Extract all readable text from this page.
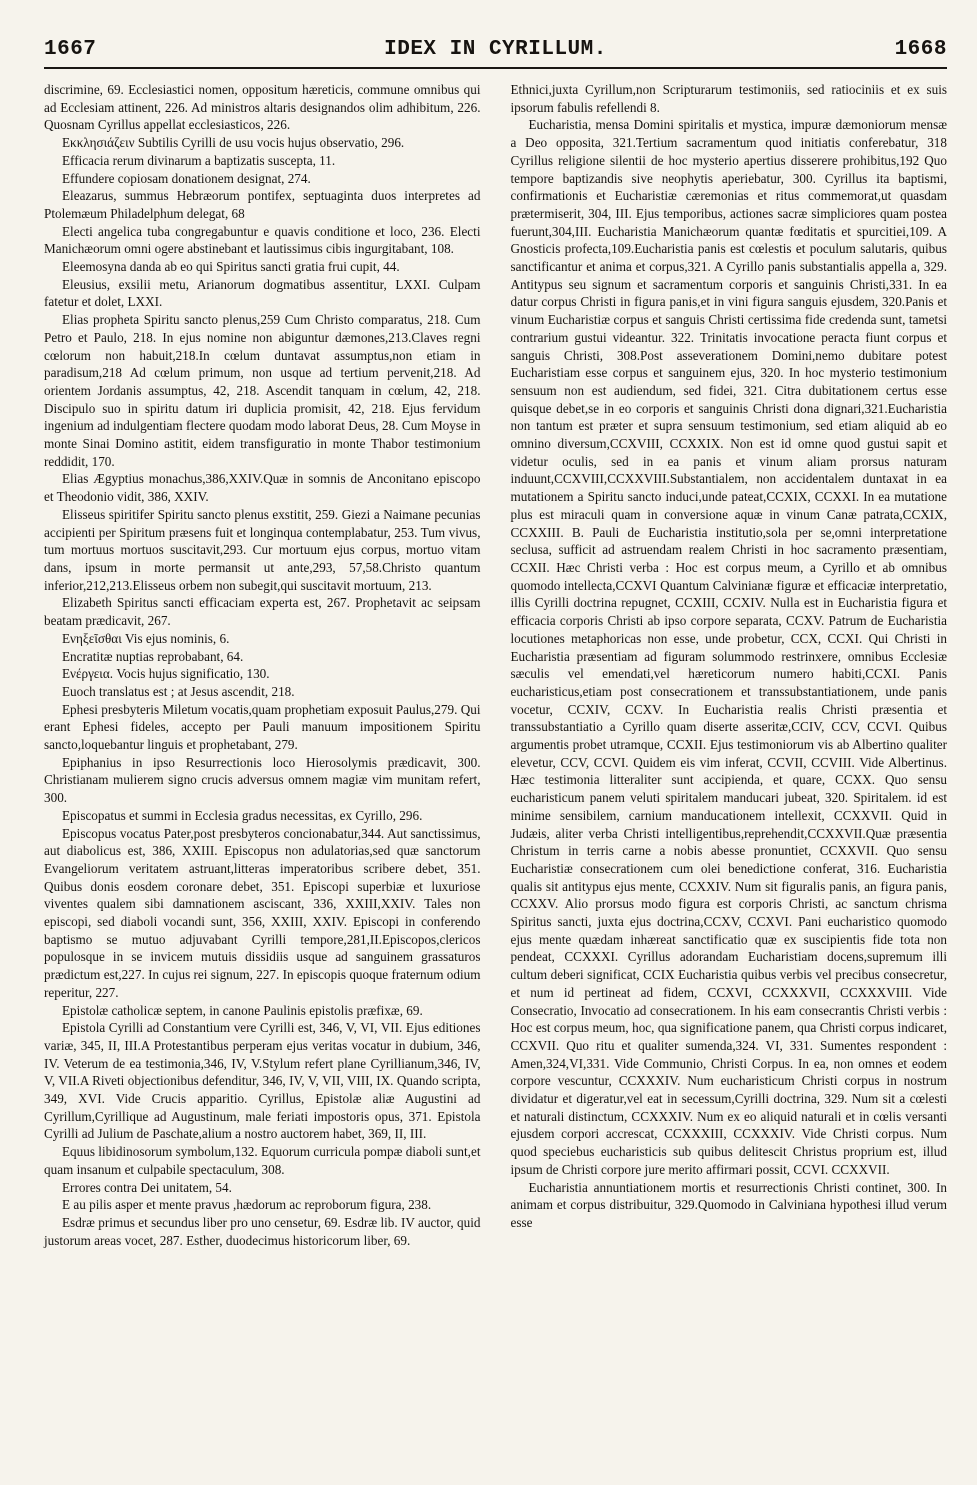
1667	IDEX IN CYRILLUM.	1668

discrimine, 69. Ecclesiastici nomen, oppositum hæreticis, commune omnibus qui ad Ecclesiam attinent, 226. Ad ministros altaris designandos olim adhibitum, 226. Quosnam Cyrillus appellat ecclesiasticos, 226.

Εκκλησιάζειν Subtilis Cyrilli de usu vocis hujus observatio, 296.

Efficacia rerum divinarum a baptizatis suscepta, 11.

Effundere copiosam donationem designat, 274.

Eleazarus, summus Hebræorum pontifex, septuaginta duos interpretes ad Ptolemæum Philadelphum delegat, 68

Electi angelica tuba congregabuntur e quavis conditione et loco, 236. Electi Manichæorum omni ogere abstinebant et lautissimus cibis ingurgitabant, 108.

Eleemosyna danda ab eo qui Spiritus sancti gratia frui cupit, 44.

Eleusius, exsilii metu, Arianorum dogmatibus assentitur, LXXI. Culpam fatetur et dolet, LXXI.

Elias propheta Spiritu sancto plenus,259 Cum Christo comparatus, 218. Cum Petro et Paulo, 218. In ejus nomine non abiguntur dæmones,213.Claves regni cœlorum non habuit,218.In cœlum duntavat assumptus,non etiam in paradisum,218 Ad cœlum primum, non usque ad tertium pervenit,218. Ad orientem Jordanis assumptus, 42, 218. Ascendit tanquam in cœlum, 42, 218. Discipulo suo in spiritu datum iri duplicia promisit, 42, 218. Ejus fervidum ingenium ad indulgentiam flectere quodam modo laborat Deus, 28. Cum Moyse in monte Sinai Domino astitit, eidem transfiguratio in monte Thabor testimonium reddidit, 170.

Elias Ægyptius monachus,386,XXIV.Quæ in somnis de Anconitano episcopo et Theodonio vidit, 386, XXIV.

Elisseus spiritifer Spiritu sancto plenus exstitit, 259. Giezi a Naimane pecunias accipienti per Spiritum præsens fuit et longinqua contemplabatur, 253. Tum vivus, tum mortuus mortuos suscitavit,293. Cur mortuum ejus corpus, mortuo vitam dans, ipsum in morte permansit ut ante,293, 57,58.Christo quantum inferior,212,213.Elisseus orbem non subegit,qui suscitavit mortuum, 213.

Elizabeth Spiritus sancti efficaciam experta est, 267. Prophetavit ac seipsam beatam prædicavit, 267.

Ενηξεῖσθαι Vis ejus nominis, 6.

Encratitæ nuptias reprobabant, 64.

Ενέργεια. Vocis hujus significatio, 130.

Euoch translatus est ; at Jesus ascendit, 218.

Ephesi presbyteris Miletum vocatis,quam prophetiam exposuit Paulus,279. Qui erant Ephesi fideles, accepto per Pauli manuum impositionem Spiritu sancto,loquebantur linguis et prophetabant, 279.

Epiphanius in ipso Resurrectionis loco Hierosolymis prædicavit, 300. Christianam mulierem signo crucis adversus omnem magiæ vim munitam refert, 300.

Episcopatus et summi in Ecclesia gradus necessitas, ex Cyrillo, 296.

Episcopus vocatus Pater,post presbyteros concionabatur,344. Aut sanctissimus, aut diabolicus est, 386, XXIII. Episcopus non adulatorias,sed quæ sanctorum Evangeliorum veritatem astruant,litteras imperatoribus scribere debet, 351. Quibus donis eosdem coronare debet, 351. Episcopi superbiæ et luxuriose viventes qualem sibi damnationem asciscant, 336, XXIII,XXIV. Tales non episcopi, sed diaboli vocandi sunt, 356, XXIII, XXIV. Episcopi in conferendo baptismo se mutuo adjuvabant Cyrilli tempore,281,II.Episcopos,clericos populosque in se invicem mutuis dissidiis usque ad sanguinem grassaturos prædictum est,227. In cujus rei signum, 227. In episcopis quoque fraternum odium reperitur, 227.

Epistolæ catholicæ septem, in canone Paulinis epistolis præfixæ, 69.

Epistola Cyrilli ad Constantium vere Cyrilli est, 346, V, VI, VII. Ejus editiones variæ, 345, II, III.A Protestantibus perperam ejus veritas vocatur in dubium, 346, IV. Veterum de ea testimonia,346, IV, V.Stylum refert plane Cyrillianum,346, IV, V, VII.A Riveti objectionibus defenditur, 346, IV, V, VII, VIII, IX. Quando scripta, 349, XVI. Vide Crucis apparitio. Cyrillus, Epistolæ aliæ Augustini ad Cyrillum,Cyrillique ad Augustinum, male feriati impostoris opus, 371. Epistola Cyrilli ad Julium de Paschate,alium a nostro auctorem habet, 369, II, III.

Equus libidinosorum symbolum,132. Equorum curricula pompæ diaboli sunt,et quam insanum et culpabile spectaculum, 308.

Errores contra Dei unitatem, 54.

E au pilis asper et mente pravus ,hædorum ac reproborum figura, 238.

Esdræ primus et secundus liber pro uno censetur, 69. Esdræ lib. IV auctor, quid justorum areas vocet, 287. Esther, duodecimus historicorum liber, 69.

Ethnici,juxta Cyrillum,non Scripturarum testimoniis, sed ratiociniis et ex suis ipsorum fabulis refellendi 8.

Eucharistia, mensa Domini spiritalis et mystica, impuræ dæmoniorum mensæ a Deo opposita, 321.Tertium sacramentum quod initiatis conferebatur, 318 Cyrillus religione silentii de hoc mysterio apertius disserere prohibitus,192 Quo tempore baptizandis sive neophytis aperiebatur, 300. Cyrillus ita baptismi, confirmationis et Eucharistiæ cæremonias et ritus commemorat,ut quasdam prætermiserit, 304, III. Ejus temporibus, actiones sacræ simpliciores quam postea fuerunt,304,III. Eucharistia Manichæorum quantæ fœditatis et spurcitiei,109. A Gnosticis profecta,109.Eucharistia panis est cœlestis et poculum salutaris, quibus sanctificantur et anima et corpus,321. A Cyrillo panis substantialis appella a, 329. Antitypus seu signum et sacramentum corporis et sanguinis Christi,331. In ea datur corpus Christi in figura panis,et in vini figura sanguis ejusdem, 320.Panis et vinum Eucharistiæ corpus et sanguis Christi certissima fide credenda sunt, tametsi contrarium gustui videantur. 322. Trinitatis invocatione peracta fiunt corpus et sanguis Christi, 308.Post asseverationem Domini,nemo dubitare potest Eucharistiam esse corpus et sanguinem ejus, 320. In hoc mysterio testimonium sensuum non est audiendum, sed fidei, 321. Citra dubitationem certus esse quisque debet,se in eo corporis et sanguinis Christi dona dignari,321.Eucharistia non tantum est præter et supra sensuum testimonium, sed etiam aliquid ab eo omnino diversum,CCXVIII, CCXXIX. Non est id omne quod gustui sapit et videtur oculis, sed in ea panis et vinum aliam prorsus naturam induunt,CCXVIII,CCXXVIII.Substantialem, non accidentalem duntaxat in ea mutationem a Spiritu sancto induci,unde pateat,CCXIX, CCXXI. In ea mutatione plus est miraculi quam in conversione aquæ in vinum Canæ patrata,CCXIX, CCXXIII. B. Pauli de Eucharistia institutio,sola per se,omni interpretatione seclusa, sufficit ad astruendam realem Christi in hoc sacramento præsentiam, CCXII. Hæc Christi verba : Hoc est corpus meum, a Cyrillo et ab omnibus quomodo intellecta,CCXVI Quantum Calvinianæ figuræ et efficaciæ interpretatio, illis Cyrilli doctrina repugnet, CCXIII, CCXIV. Nulla est in Eucharistia figura et efficacia corporis Christi ab ipso corpore separata, CCXV. Patrum de Eucharistia locutiones metaphoricas non esse, unde probetur, CCX, CCXI. Qui Christi in Eucharistia præsentiam ad figuram solummodo restrinxere, omnibus Ecclesiæ sæculis vel emendati,vel hæreticorum numero habiti,CCXI. Panis eucharisticus,etiam post consecrationem et transsubstantiationem, unde panis vocetur, CCXIV, CCXV. In Eucharistia realis Christi præsentia et transsubstantiatio a Cyrillo quam diserte asseritæ,CCIV, CCV, CCVI. Quibus argumentis probet utramque, CCXII. Ejus testimoniorum vis ab Albertino qualiter elevetur, CCV, CCVI. Quidem eis vim inferat, CCVII, CCVIII. Vide Albertinus. Hæc testimonia litteraliter sunt accipienda, et quare, CCXX. Quo sensu eucharisticum panem veluti spiritalem manducari jubeat, 320. Spiritalem. id est minime sensibilem, carnium manducationem intellexit, CCXXVII. Quid in Judæis, aliter verba Christi intelligentibus,reprehendit,CCXXVII.Quæ præsentia Christum in terris carne a nobis abesse pronuntiet, CCXXVII. Quo sensu Eucharistiæ consecrationem cum olei benedictione conferat, 316. Eucharistia qualis sit antitypus ejus mente, CCXXIV. Num sit figuralis panis, an figura panis, CCXXV. Alio prorsus modo figura est corporis Christi, ac sanctum chrisma Spiritus sancti, juxta ejus doctrina,CCXV, CCXVI. Pani eucharistico quomodo ejus mente quædam inhæreat sanctificatio quæ ex suscipientis fide tota non pendeat, CCXXXI. Cyrillus adorandam Eucharistiam docens,supremum illi cultum deberi significat, CCIX Eucharistia quibus verbis vel precibus consecretur, et num id pertineat ad fidem, CCXVI, CCXXXVII, CCXXXVIII. Vide Consecratio, Invocatio ad consecrationem. In his eam consecrantis Christi verbis : Hoc est corpus meum, hoc, qua significatione panem, qua Christi corpus indicaret, CCXVII. Quo ritu et qualiter sumenda,324. VI, 331. Sumentes respondent : Amen,324,VI,331. Vide Communio, Christi Corpus. In ea, non omnes et eodem corpore vescuntur, CCXXXIV. Num eucharisticum Christi corpus in nostrum dividatur et digeratur,vel eat in secessum,Cyrilli doctrina, 329. Num sit a cœlesti et naturali distinctum, CCXXXIV. Num ex eo aliquid naturali et in cœlis versanti ejusdem corpori accrescat, CCXXXIII, CCXXXIV. Vide Christi corpus. Num quod speciebus eucharisticis sub quibus delitescit Christus proprium est, illud ipsum de Christi corpore jure merito affirmari possit, CCVI. CCXXVII.

Eucharistia annuntiationem mortis et resurrectionis Christi continet, 300. In animam et corpus distribuitur, 329.Quomodo in Calviniana hypothesi illud verum esse
